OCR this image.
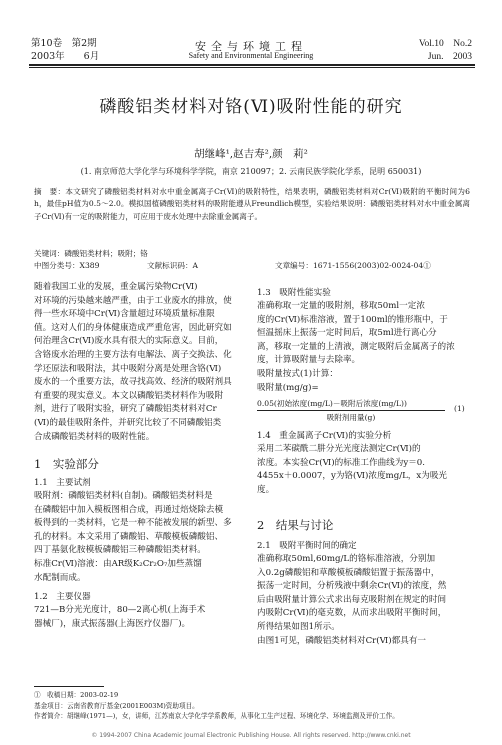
第10卷　第2期
2003年　　6月
安全与环境工程
Safety and Environmental Engineering
Vol.10　No.2
Jun.　2003
磷酸铝类材料对铬(Ⅵ)吸附性能的研究
胡继峰¹,赵吉寿²,颜　莉²
(1. 南京师范大学化学与环境科学学院，南京 210097；2. 云南民族学院化学系，昆明 650031)
摘　要：本文研究了磷酸铝类材料对水中重金属离子Cr(Ⅵ)的吸附特性，结果表明，磷酸铝类材料对Cr(Ⅵ)吸附的平衡时间为6 h，最佳pH值为0.5～2.0。模拟国植磷酸铝类材料的吸附能遵从Freundlich模型，实验结果说明：磷酸铝类材料对水中重金属离子Cr(Ⅵ)有一定的吸附能力，可应用于废水处理中去除重金属离子。
关键词：磷酸铝类材料；吸附；铬
中图分类号：X389	文献标识码：A	文章编号：1671-1556(2003)02-0024-04①
随着我国工业的发展，重金属污染物Cr(Ⅵ)
对环境的污染越来越严重，由于工业废水的排放，使
得一些水环境中Cr(Ⅵ)含量超过环境质量标准限
值。这对人们的身体健康造成严重危害，因此研究如
何治理含Cr(Ⅵ)废水具有很大的实际意义。目前，
含铬废水治理的主要方法有电解法、离子交换法、化
学还原法和吸附法，其中吸附分离是处理含铬(Ⅵ)
废水的一个重要方法，故寻找高效、经济的吸附剂具
有重要的现实意义。本文以磷酸铝类材料作为吸附
剂，进行了吸附实验，研究了磷酸铝类材料对Cr
(Ⅵ)的最佳吸附条件，并研究比较了不同磷酸铝类
合成磷酸铝类材料的吸附性能。
1　实验部分
1.1　主要试剂
吸附剂：磷酸铝类材料(自制)。磷酸铝类材料是
在磷酸铝中加入模板图相合成，再通过焙烧除去模
板得到的一类材料，它是一种不能被发展的新型、多
孔的材料。本文采用了磷酸铝、草酸模板磷酸铝、
四丁基氨化胺模板磷酸铝三种磷酸铝类材料。
标准Cr(Ⅵ)溶液：由AR级K₂Cr₂O₇加些蒸馏
水配制而成。
1.2　主要仪器
721—B分光光度计，80—2离心机(上海手术
器械厂)，康式振荡器(上海医疗仪器厂)。
1.3　吸附性能实验
准确称取一定量的吸附剂，移取50ml一定浓
度的Cr(Ⅵ)标准溶液，置于100ml的锥形瓶中，于
恒温摇床上振荡一定时间后，取5ml进行离心分
离，移取一定量的上清液，测定吸附后金属离子的浓
度，计算吸附量与去除率。
吸附量按式(1)计算：
吸附量(mg/g)=
0.05(初始浓度(mg/L)－吸附后浓度(mg/L))
吸附剂用量(g)
(1)
1.4　重金属离子Cr(Ⅵ)的实验分析
采用二苯碳酰二肼分光光度法测定Cr(Ⅵ)的
浓度。本实验Cr(Ⅵ)的标准工作曲线为y＝0.
4455x＋0.0007，y为铬(Ⅵ)浓度mg/L，x为吸光
度。
2　结果与讨论
2.1　吸附平衡时间的确定
准确称取50ml,60mg/L的铬标准溶液，分别加
入0.2g磷酸铝和草酸模板磷酸铝置于振荡器中，
振荡一定时间，分析残液中剩余Cr(Ⅵ)的浓度，然
后由吸附量计算公式求出每克吸附剂在规定的时间
内吸附Cr(Ⅵ)的毫克数，从而求出吸附平衡时间，
所得结果如图1所示。
由图1可见，磷酸铝类材料对Cr(Ⅵ)都具有一
①　收稿日期：2003-02-19
基金项目：云南省教育厅基金(2001E003M)资助项目。
作者简介：胡继峰(1971—)，女，讲师，江苏南京大学化学学系教师，从事化工生产过程、环境化学、环境监测及评价工作。
© 1994-2007 China Academic Journal Electronic Publishing House. All rights reserved. http://www.cnki.net
